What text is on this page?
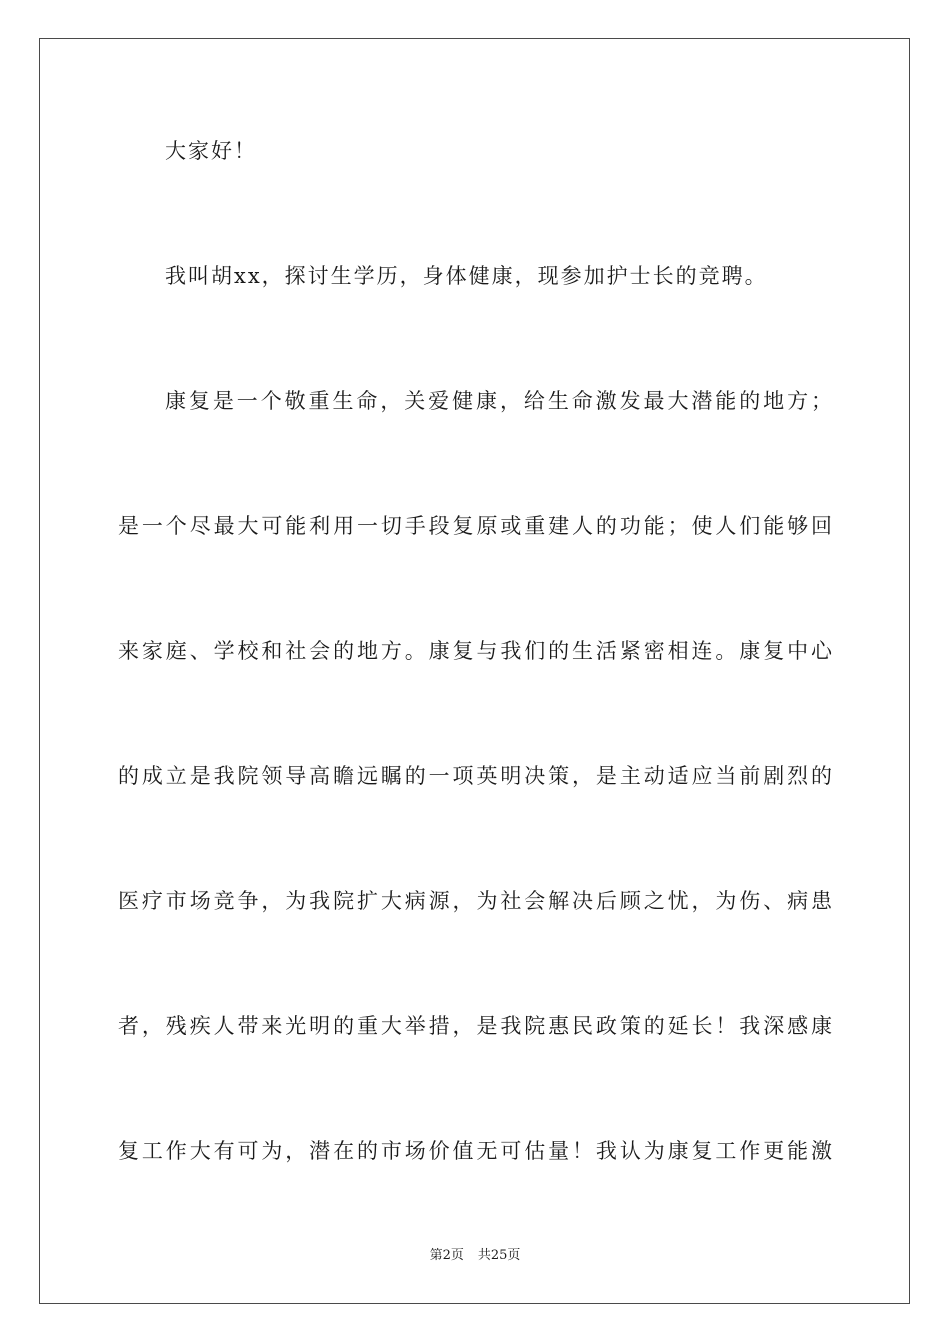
大家好！
我叫胡xx，探讨生学历，身体健康，现参加护士长的竞聘。
康复是一个敬重生命，关爱健康，给生命激发最大潜能的地方；
是一个尽最大可能利用一切手段复原或重建人的功能；使人们能够回
来家庭、学校和社会的地方。康复与我们的生活紧密相连。康复中心
的成立是我院领导高瞻远瞩的一项英明决策，是主动适应当前剧烈的
医疗市场竞争，为我院扩大病源，为社会解决后顾之忧，为伤、病患
者，残疾人带来光明的重大举措，是我院惠民政策的延长！我深感康
复工作大有可为，潜在的市场价值无可估量！我认为康复工作更能激
第2页 共25页
